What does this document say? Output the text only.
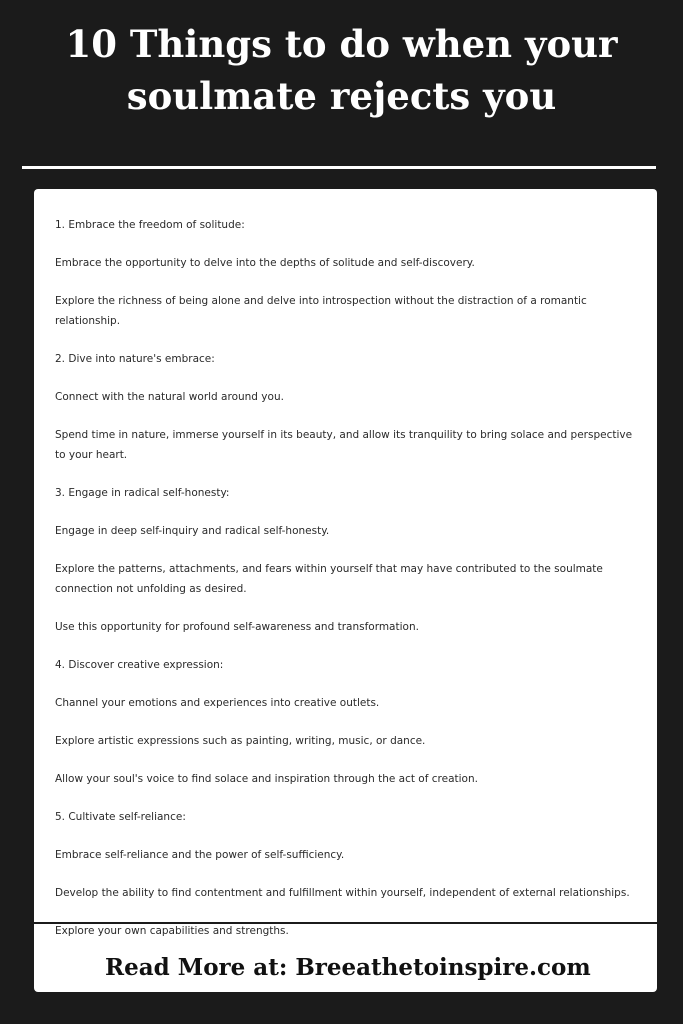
10 Things to do when your
soulmate rejects you

1. Embrace the freedom of solitude:

Embrace the opportunity to delve into the depths of solitude and self-discovery.

Explore the richness of being alone and delve into introspection without the distraction of a romantic relationship.

2. Dive into nature's embrace:

Connect with the natural world around you.

Spend time in nature, immerse yourself in its beauty, and allow its tranquility to bring solace and perspective to your heart.

3. Engage in radical self-honesty:

Engage in deep self-inquiry and radical self-honesty.

Explore the patterns, attachments, and fears within yourself that may have contributed to the soulmate connection not unfolding as desired.

Use this opportunity for profound self-awareness and transformation.

4. Discover creative expression:

Channel your emotions and experiences into creative outlets.

Explore artistic expressions such as painting, writing, music, or dance.

Allow your soul's voice to find solace and inspiration through the act of creation.

5. Cultivate self-reliance:

Embrace self-reliance and the power of self-sufficiency.

Develop the ability to find contentment and fulfillment within yourself, independent of external relationships.

Explore your own capabilities and strengths.

Read More at: Breeathetoinspire.com
